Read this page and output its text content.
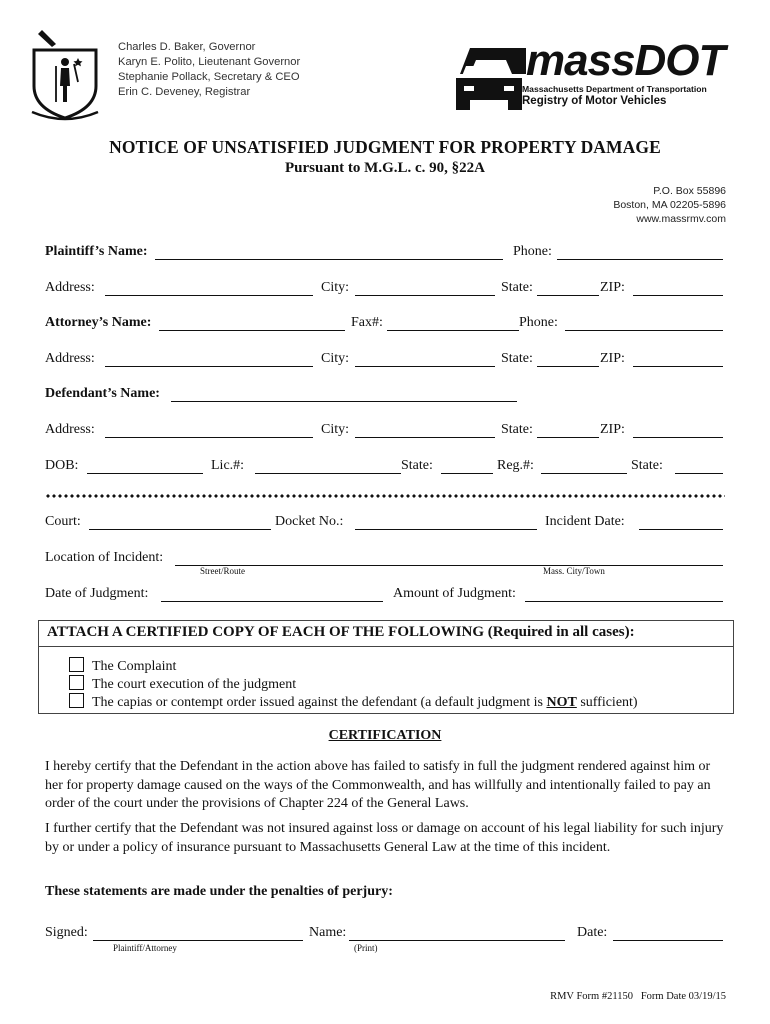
Charles D. Baker, Governor
Karyn E. Polito, Lieutenant Governor
Stephanie Pollack, Secretary & CEO
Erin C. Deveney, Registrar
massDOT
Massachusetts Department of Transportation
Registry of Motor Vehicles
NOTICE OF UNSATISFIED JUDGMENT FOR PROPERTY DAMAGE
Pursuant to M.G.L. c. 90, §22A
P.O. Box 55896
Boston, MA 02205-5896
www.massrmv.com
Plaintiff’s Name:	Phone:
Address:	City:	State:	ZIP:
Attorney’s Name:	Fax#:	Phone:
Address:	City:	State:	ZIP:
Defendant’s Name:
Address:	City:	State:	ZIP:
DOB:	Lic.#:	State:	Reg.#:	State:
Court:	Docket No.:	Incident Date:
Location of Incident:
Street/Route	Mass. City/Town
Date of Judgment:	Amount of Judgment:
ATTACH A CERTIFIED COPY OF EACH OF THE FOLLOWING (Required in all cases):
The Complaint
The court execution of the judgment
The capias or contempt order issued against the defendant (a default judgment is NOT sufficient)
CERTIFICATION
I hereby certify that the Defendant in the action above has failed to satisfy in full the judgment rendered against him or her for property damage caused on the ways of the Commonwealth, and has willfully and intentionally failed to pay an order of the court under the provisions of Chapter 224 of the General Laws.
I further certify that the Defendant was not insured against loss or damage on account of his legal liability for such injury by or under a policy of insurance pursuant to Massachusetts General Law at the time of this incident.
These statements are made under the penalties of perjury:
Signed:	Name:	Date:
Plaintiff/Attorney	(Print)
RMV Form #21150 Form Date 03/19/15
